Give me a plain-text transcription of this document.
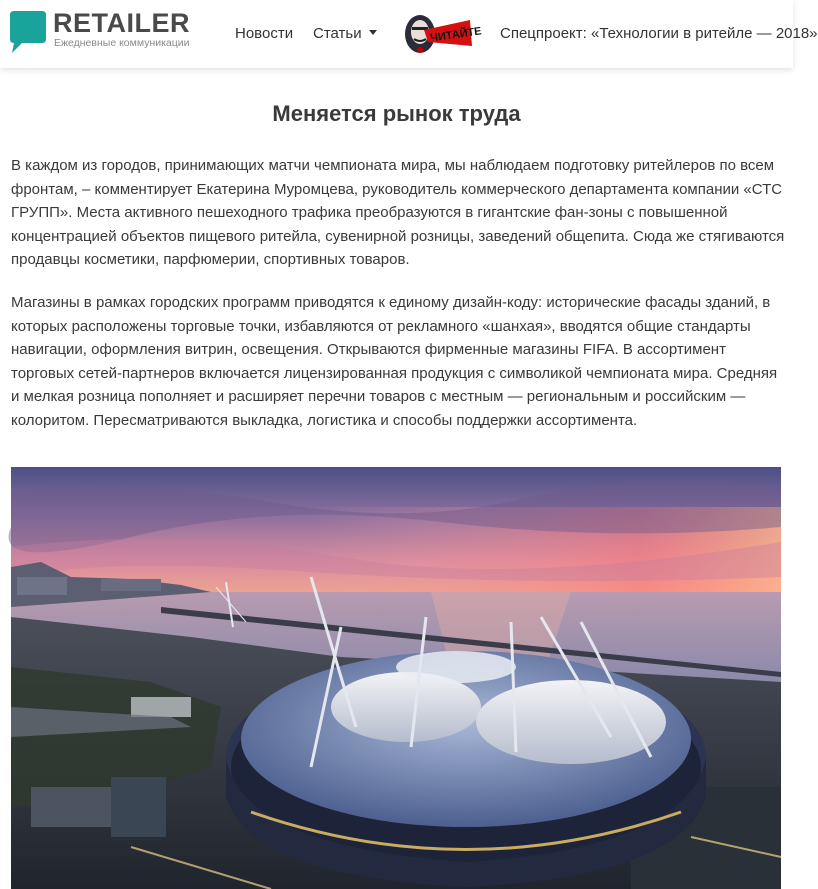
RETAILER
Ежедневные коммуникации
Новости Статьи	ЧИТАЙТЕ Спецпроект: «Технологии в ритейле — 2018»
Меняется рынок труда

В каждом из городов, принимающих матчи чемпионата мира, мы наблюдаем подготовку ритейлеров по всем фронтам, – комментирует Екатерина Муромцева, руководитель коммерческого департамента компании «СТС ГРУПП». Места активного пешеходного трафика преобразуются в гигантские фан-зоны с повышенной концентрацией объектов пищевого ритейла, сувенирной розницы, заведений общепита. Сюда же стягиваются продавцы косметики, парфюмерии, спортивных товаров.

Магазины в рамках городских программ приводятся к единому дизайн-коду: исторические фасады зданий, в которых расположены торговые точки, избавляются от рекламного «шанхая», вводятся общие стандарты навигации, оформления витрин, освещения. Открываются фирменные магазины FIFA. В ассортимент торговых сетей-партнеров включается лицензированная продукция с символикой чемпионата мира. Средняя и мелкая розница пополняет и расширяет перечни товаров с местным — региональным и российским — колоритом. Пересматриваются выкладка, логистика и способы поддержки ассортимента.
